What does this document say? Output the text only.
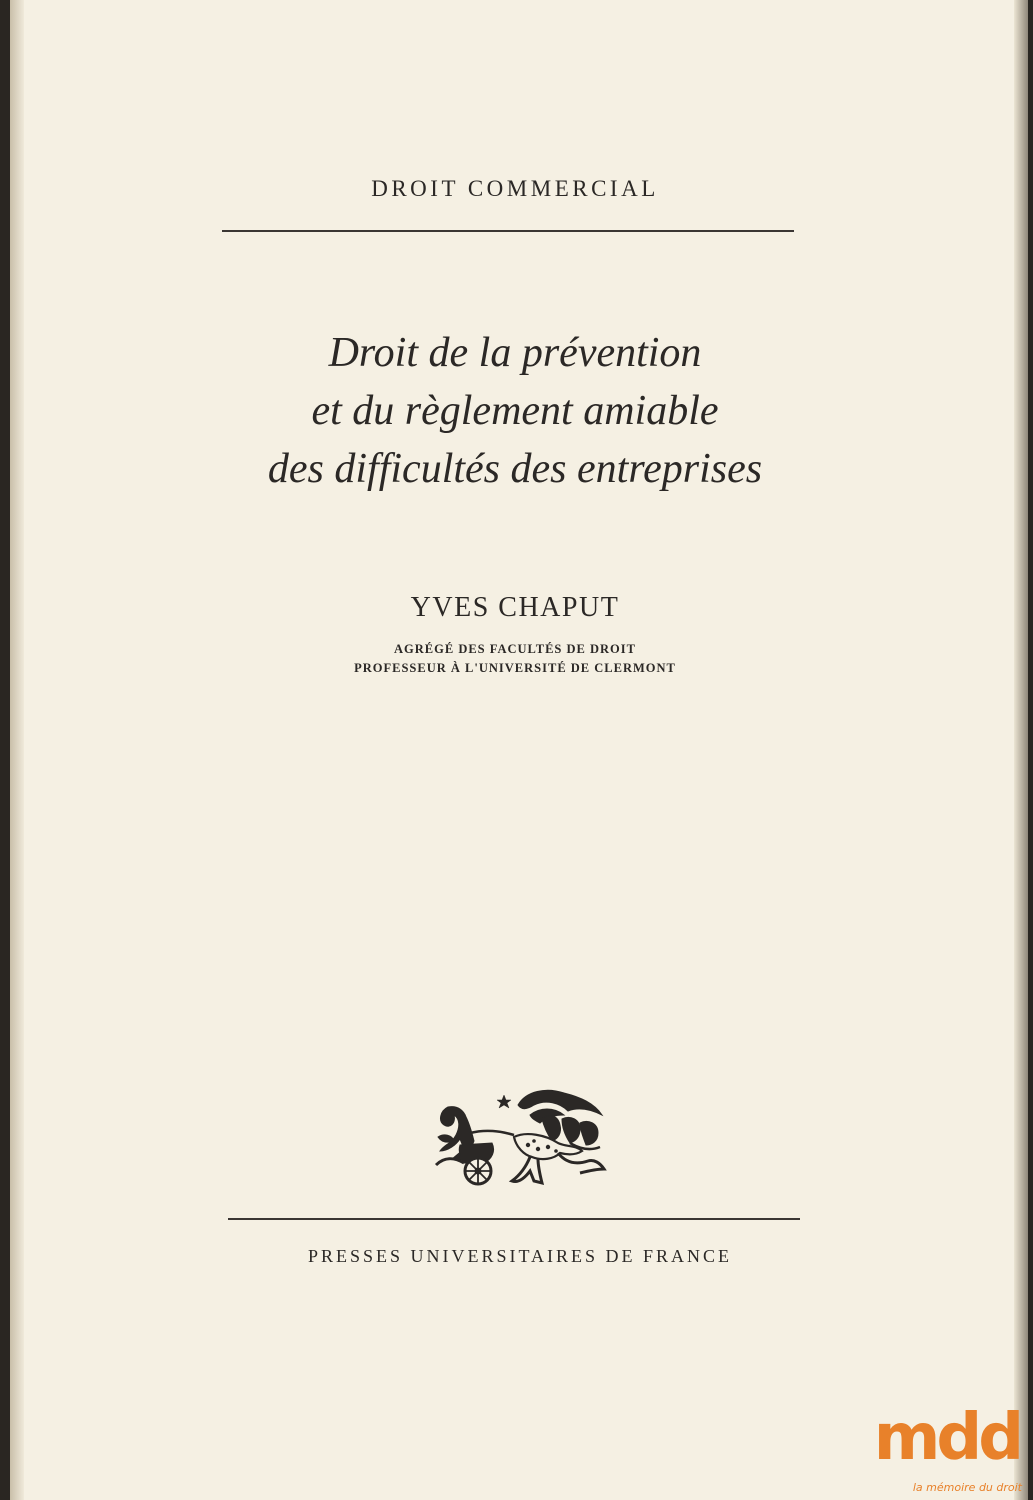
DROIT COMMERCIAL
Droit de la prévention
et du règlement amiable
des difficultés des entreprises
YVES CHAPUT
AGRÉGÉ DES FACULTÉS DE DROIT
PROFESSEUR À L'UNIVERSITÉ DE CLERMONT
PRESSES UNIVERSITAIRES DE FRANCE
mdd
la mémoire du droit
